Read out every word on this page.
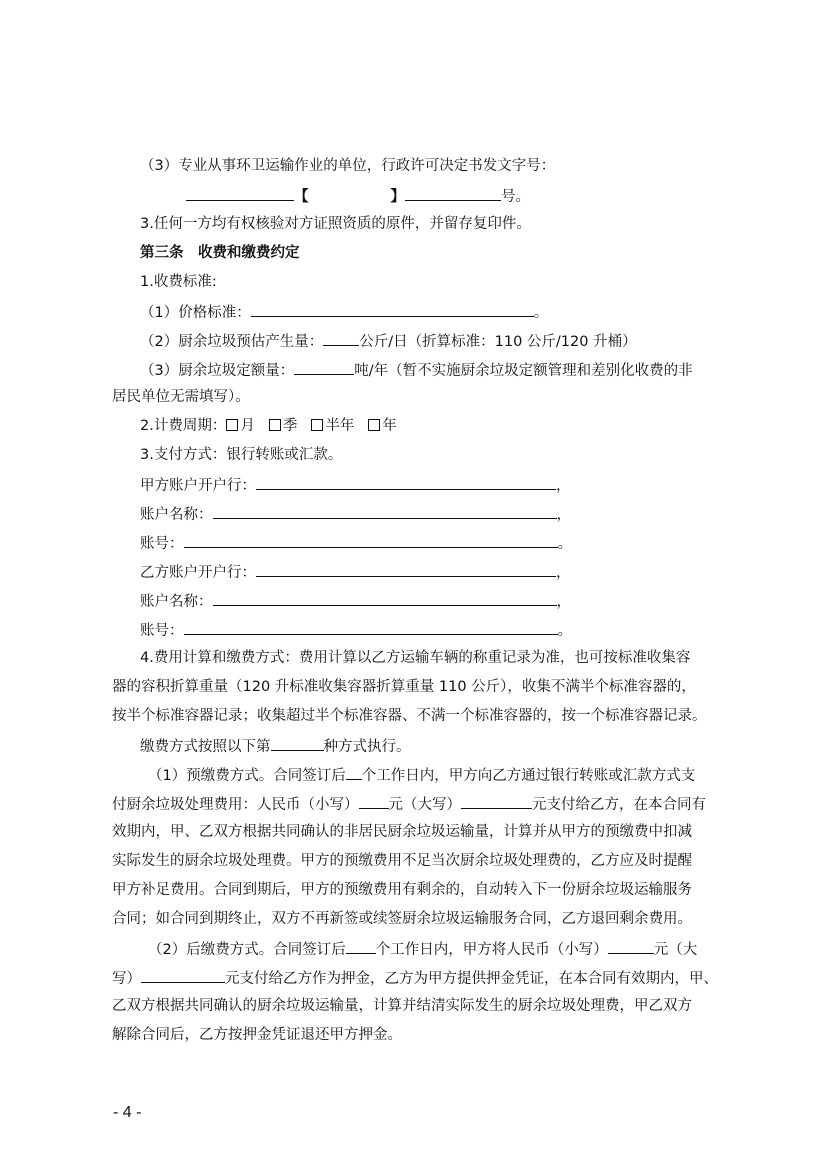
（3）专业从事环卫运输作业的单位，行政许可决定书发文字号：
【	】	号。
3.任何一方均有权核验对方证照资质的原件，并留存复印件。
第三条　收费和缴费约定
1.收费标准:
（1）价格标准：	。
（2）厨余垃圾预估产生量： 公斤/日（折算标准：110 公斤/120 升桶）
（3）厨余垃圾定额量：	吨/年（暂不实施厨余垃圾定额管理和差别化收费的非
居民单位无需填写）。
2.计费周期： 月 季 半年 年
3.支付方式：银行转账或汇款。
甲方账户开户行：	，
账户名称：	，
账号：	。
乙方账户开户行：	，
账户名称：	，
账号：	。
4.费用计算和缴费方式：费用计算以乙方运输车辆的称重记录为准，也可按标准收集容
器的容积折算重量（120 升标准收集容器折算重量 110 公斤），收集不满半个标准容器的，
按半个标准容器记录；收集超过半个标准容器、不满一个标准容器的，按一个标准容器记录。
缴费方式按照以下第	种方式执行。
（1）预缴费方式。合同签订后 个工作日内，甲方向乙方通过银行转账或汇款方式支
付厨余垃圾处理费用：人民币（小写） 元（大写）	元支付给乙方，在本合同有
效期内，甲、乙双方根据共同确认的非居民厨余垃圾运输量，计算并从甲方的预缴费中扣减
实际发生的厨余垃圾处理费。甲方的预缴费用不足当次厨余垃圾处理费的，乙方应及时提醒
甲方补足费用。合同到期后，甲方的预缴费用有剩余的，自动转入下一份厨余垃圾运输服务
合同；如合同到期终止，双方不再新签或续签厨余垃圾运输服务合同，乙方退回剩余费用。
（2）后缴费方式。合同签订后 个工作日内，甲方将人民币（小写）	元（大
写）	元支付给乙方作为押金，乙方为甲方提供押金凭证，在本合同有效期内，甲、
乙双方根据共同确认的厨余垃圾运输量，计算并结清实际发生的厨余垃圾处理费，甲乙双方
解除合同后，乙方按押金凭证退还甲方押金。
- 4 -
